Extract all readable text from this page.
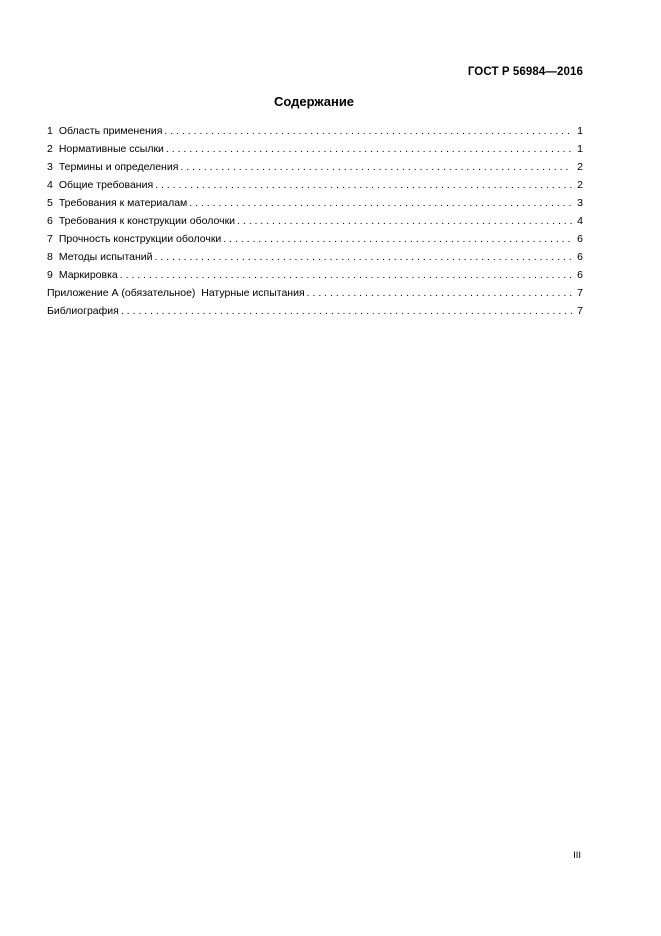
ГОСТ Р 56984—2016
Содержание
1 Область применения . . .	1
2 Нормативные ссылки . . .	1
3 Термины и определения . . .	2
4 Общие требования . . .	2
5 Требования к материалам . . .	3
6 Требования к конструкции оболочки . . .	4
7 Прочность конструкции оболочки . . .	6
8 Методы испытаний . . .	6
9 Маркировка . . .	6
Приложение А (обязательное)  Натурные испытания . . .	7
Библиография . . .	7
III
